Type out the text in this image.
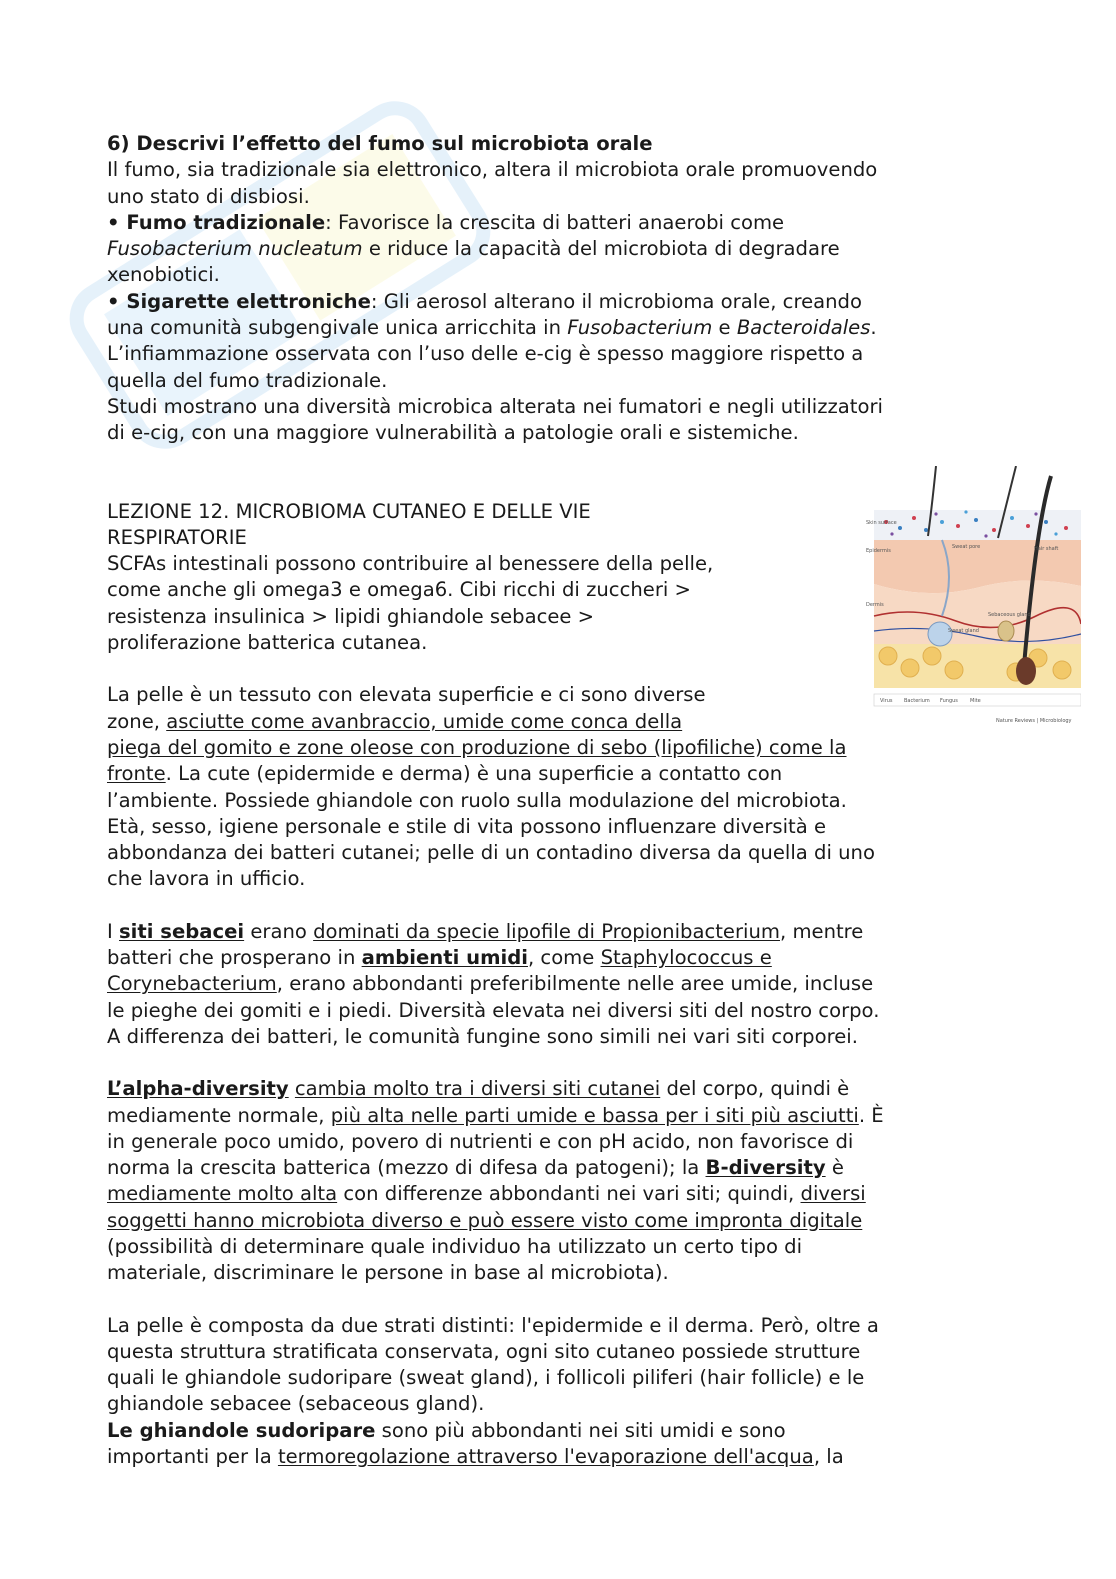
6) Descrivi l’effetto del fumo sul microbiota orale

Il fumo, sia tradizionale sia elettronico, altera il microbiota orale promuovendo

uno stato di disbiosi.

• Fumo tradizionale: Favorisce la crescita di batteri anaerobi come

Fusobacterium nucleatum e riduce la capacità del microbiota di degradare

xenobiotici.

• Sigarette elettroniche: Gli aerosol alterano il microbioma orale, creando

una comunità subgengivale unica arricchita in Fusobacterium e Bacteroidales.

L’infiammazione osservata con l’uso delle e-cig è spesso maggiore rispetto a

quella del fumo tradizionale.

Studi mostrano una diversità microbica alterata nei fumatori e negli utilizzatori

di e-cig, con una maggiore vulnerabilità a patologie orali e sistemiche.

LEZIONE 12. MICROBIOMA CUTANEO E DELLE VIE

RESPIRATORIE

SCFAs intestinali possono contribuire al benessere della pelle,

come anche gli omega3 e omega6. Cibi ricchi di zuccheri >

resistenza insulinica > lipidi ghiandole sebacee >

proliferazione batterica cutanea.

La pelle è un tessuto con elevata superficie e ci sono diverse

zone, asciutte come avanbraccio, umide come conca della

piega del gomito e zone oleose con produzione di sebo (lipofiliche) come la

fronte. La cute (epidermide e derma) è una superficie a contatto con

l’ambiente. Possiede ghiandole con ruolo sulla modulazione del microbiota.

Età, sesso, igiene personale e stile di vita possono influenzare diversità e

abbondanza dei batteri cutanei; pelle di un contadino diversa da quella di uno

che lavora in ufficio.

I siti sebacei erano dominati da specie lipofile di Propionibacterium, mentre

batteri che prosperano in ambienti umidi, come Staphylococcus e

Corynebacterium, erano abbondanti preferibilmente nelle aree umide, incluse

le pieghe dei gomiti e i piedi. Diversità elevata nei diversi siti del nostro corpo.

A differenza dei batteri, le comunità fungine sono simili nei vari siti corporei.

L’alpha-diversity cambia molto tra i diversi siti cutanei del corpo, quindi è

mediamente normale, più alta nelle parti umide e bassa per i siti più asciutti. È

in generale poco umido, povero di nutrienti e con pH acido, non favorisce di

norma la crescita batterica (mezzo di difesa da patogeni); la B-diversity è

mediamente molto alta con differenze abbondanti nei vari siti; quindi, diversi

soggetti hanno microbiota diverso e può essere visto come impronta digitale

(possibilità di determinare quale individuo ha utilizzato un certo tipo di

materiale, discriminare le persone in base al microbiota).

La pelle è composta da due strati distinti: l'epidermide e il derma. Però, oltre a

questa struttura stratificata conservata, ogni sito cutaneo possiede strutture

quali le ghiandole sudoripare (sweat gland), i follicoli piliferi (hair follicle) e le

ghiandole sebacee (sebaceous gland).

Le ghiandole sudoripare sono più abbondanti nei siti umidi e sono

importanti per la termoregolazione attraverso l'evaporazione dell'acqua, la

Skin surface
Epidermis
Dermis
Sweat pore	Hair shaft
Sebaceous gland
Sweat gland
Virus Bacterium Fungus Mite
Nature Reviews | Microbiology
